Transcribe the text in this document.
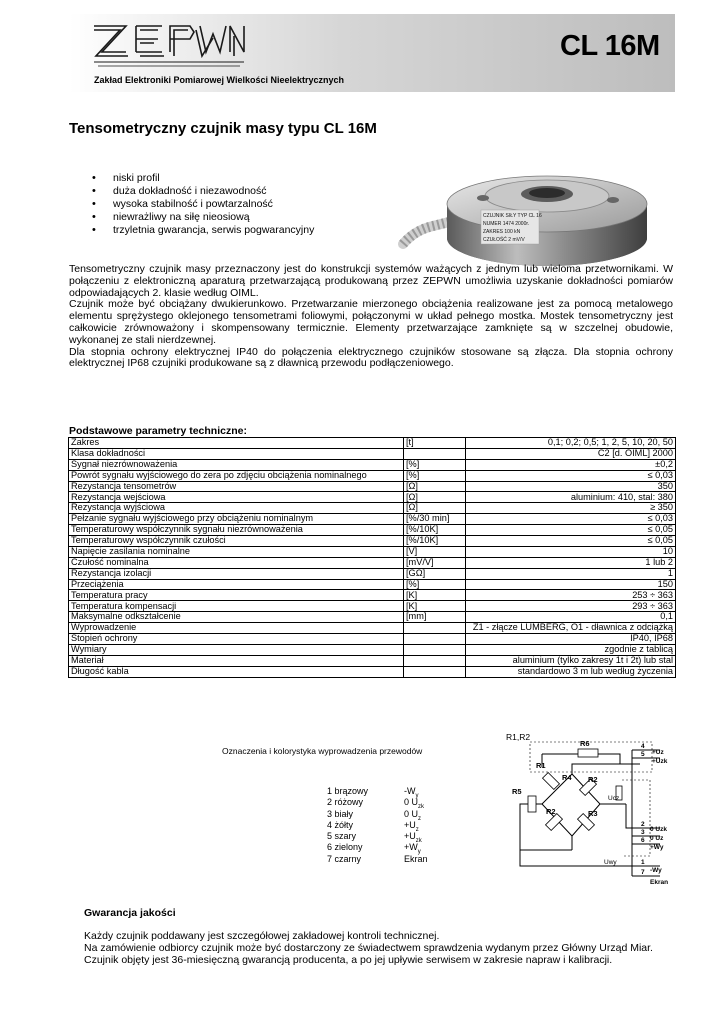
Zakład Elektroniki Pomiarowej Wielkości Nieelektrycznych
CL 16M
Tensometryczny czujnik masy typu CL 16M
• niski profil
• duża dokładność i niezawodność
• wysoka stabilność i powtarzalność
• niewrażliwy na siłę nieosiową
• trzyletnia gwarancja, serwis pogwarancyjny
CZUJNIK SIŁY TYP CL 16
NUMER 1474 2000r.
ZAKRES 100 kN
CZUŁOŚĆ 2 mV/V

Tensometryczny czujnik masy przeznaczony jest do konstrukcji systemów ważących z jednym lub wieloma przetwornikami. W połączeniu z elektroniczną aparaturą przetwarzającą produkowaną przez ZEPWN umożliwia uzyskanie dokładności pomiarów odpowiadających 2. klasie według OIML.

Czujnik może być obciążany dwukierunkowo. Przetwarzanie mierzonego obciążenia realizowane jest za pomocą metalowego elementu sprężystego oklejonego tensometrami foliowymi, połączonymi w układ pełnego mostka. Mostek tensometryczny jest całkowicie zrównoważony i skompensowany termicznie. Elementy przetwarzające zamknięte są w szczelnej obudowie, wykonanej ze stali nierdzewnej.

Dla stopnia ochrony elektrycznej IP40 do połączenia elektrycznego czujników stosowane są złącza. Dla stopnia ochrony elektrycznej IP68 czujniki produkowane są z dławnicą przewodu podłączeniowego.

Podstawowe parametry techniczne:
Zakres	[t]	0,1; 0,2; 0,5; 1, 2, 5, 10, 20, 50
Klasa dokładności		C2 [d. OIML] 2000
Sygnał niezrównoważenia	[%]	±0,2
Powrót sygnału wyjściowego do zera po zdjęciu obciążenia nominalnego	[%]	≤ 0,03
Rezystancja tensometrów	[Ω]	350
Rezystancja wejściowa	[Ω]	aluminium: 410, stal: 380
Rezystancja wyjściowa	[Ω]	≥ 350
Pełzanie sygnału wyjściowego przy obciążeniu nominalnym	[%/30 min]	≤ 0,03
Temperaturowy współczynnik sygnału niezrównoważenia	[%/10K]	≤ 0,05
Temperaturowy współczynnik czułości	[%/10K]	≤ 0,05
Napięcie zasilania nominalne	[V]	10
Czułość nominalna	[mV/V]	1 lub 2
Rezystancja izolacji	[GΩ]	1
Przeciążenia	[%]	150
Temperatura pracy	[K]	253 ÷ 363
Temperatura kompensacji	[K]	293 ÷ 363
Maksymalne odkształcenie	[mm]	0,1
Wyprowadzenie		Z1 - złącze LUMBERG, O1 - dławnica z odciążką
Stopień ochrony		IP40, IP68
Wymiary		zgodnie z tablicą
Materiał		aluminium (tylko zakresy 1t i 2t) lub stal
Długość kabla		standardowo 3 m lub według życzenia
Oznaczenia i kolorystyka wyprowadzenia przewodów
1 brązowy	$-W_y$
2 różowy	0 $U_{zk}$
3 biały	0 $U_z$
4 żółty	$+U_z$
5 szary	$+U_{zk}$
6 zielony	$+W_y$
7 czarny	Ekran
R1,R2
R6
R1
R4 R2
R5
R3
R2
Ucz
Uwy
4
5 +Uz
+Uzk
2
3
6
0 Uzk
0 Uz
+Wy
1
7 -Wy
Ekran
Gwarancja jakości

Każdy czujnik poddawany jest szczegółowej zakładowej kontroli technicznej.

Na zamówienie odbiorcy czujnik może być dostarczony ze świadectwem sprawdzenia wydanym przez Główny Urząd Miar.

Czujnik objęty jest 36-miesięczną gwarancją producenta, a po jej upływie serwisem w zakresie napraw i kalibracji.
